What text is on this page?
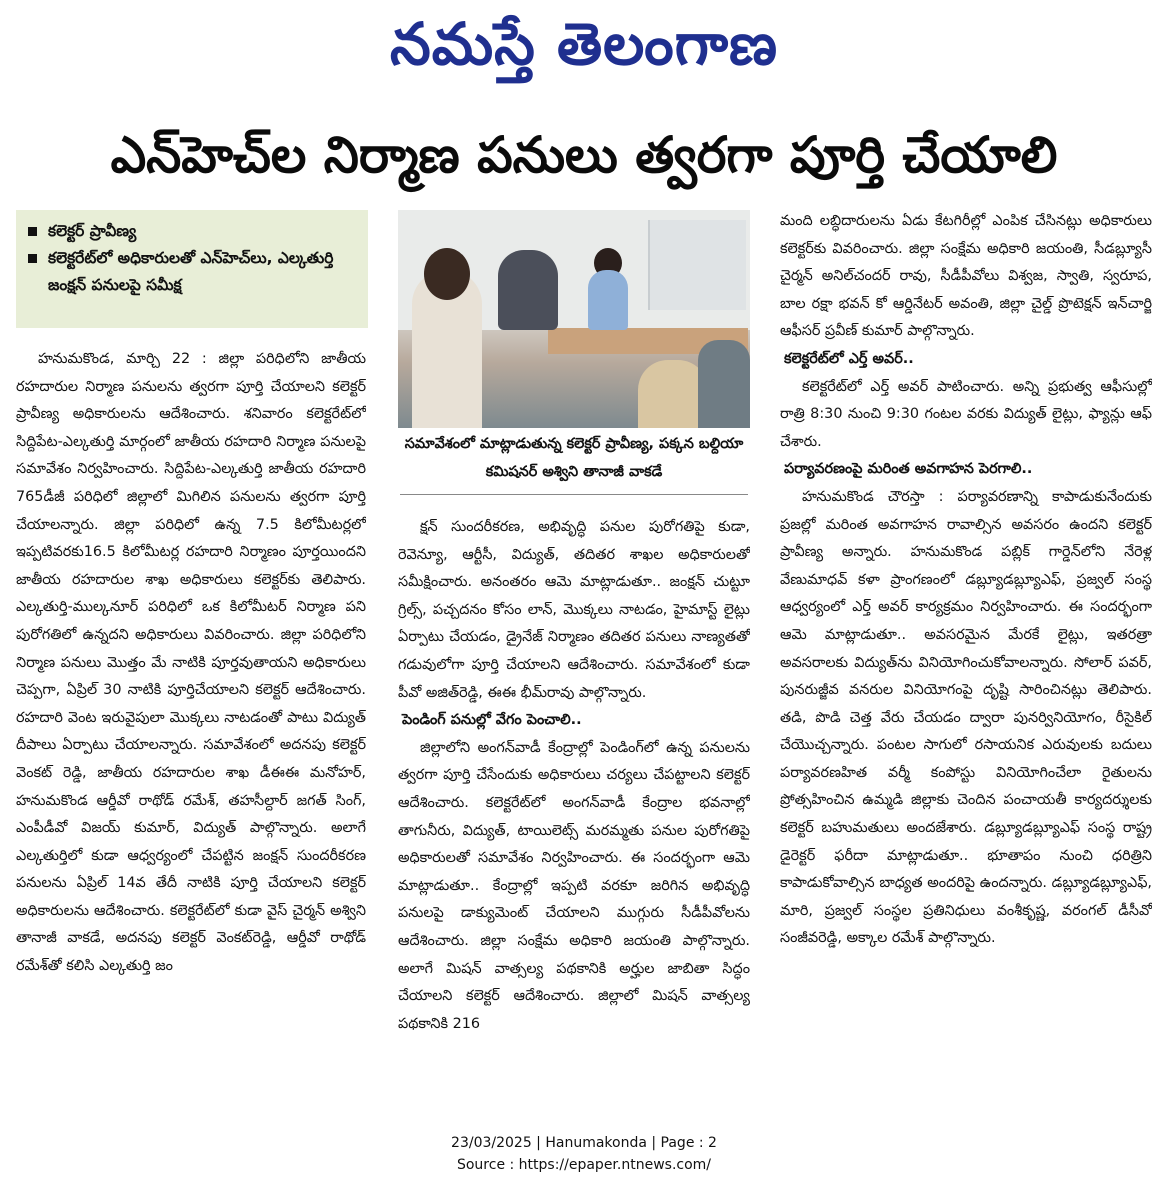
నమస్తే తెలంగాణ
ఎన్‌హెచ్‌ల నిర్మాణ పనులు త్వరగా పూర్తి చేయాలి
కలెక్టర్ ప్రావీణ్య
కలెక్టరేట్‌లో అధికారులతో ఎన్‌హెచ్‌లు, ఎల్కతుర్తి జంక్షన్ పనులపై సమీక్ష

హనుమకొండ, మార్చి 22 : జిల్లా పరిధిలోని జాతీయ రహదారుల నిర్మాణ పనులను త్వరగా పూర్తి చేయాలని కలెక్టర్ ప్రావీణ్య అధికారులను ఆదేశించారు. శనివారం కలెక్టరేట్‌లో సిద్దిపేట-ఎల్కతుర్తి మార్గంలో జాతీయ రహదారి నిర్మాణ పనులపై సమావేశం నిర్వహించారు. సిద్దిపేట-ఎల్కతుర్తి జాతీయ రహదారి 765డీజీ పరిధిలో జిల్లాలో మిగిలిన పనులను త్వరగా పూర్తి చేయాలన్నారు. జిల్లా పరిధిలో ఉన్న 7.5 కిలోమీటర్లలో ఇప్పటివరకు16.5 కిలోమీటర్ల రహదారి నిర్మాణం పూర్తయిందని జాతీయ రహదారుల శాఖ అధికారులు కలెక్టర్‌కు తెలిపారు. ఎల్కతుర్తి-ముల్కనూర్ పరిధిలో ఒక కిలోమీటర్ నిర్మాణ పని పురోగతిలో ఉన్నదని అధికారులు వివరించారు. జిల్లా పరిధిలోని నిర్మాణ పనులు మొత్తం మే నాటికి పూర్తవుతాయని అధికారులు చెప్పగా, ఏప్రిల్ 30 నాటికి పూర్తిచేయాలని కలెక్టర్ ఆదేశించారు. రహదారి వెంట ఇరువైపులా మొక్కలు నాటడంతో పాటు విద్యుత్ దీపాలు ఏర్పాటు చేయాలన్నారు. సమావేశంలో అదనపు కలెక్టర్ వెంకట్ రెడ్డి, జాతీయ రహదారుల శాఖ డీఈఈ మనోహర్, హనుమకొండ ఆర్డీవో రాథోడ్ రమేశ్, తహసీల్దార్ జగత్ సింగ్, ఎంపీడీవో విజయ్ కుమార్, విద్యుత్ పాల్గొన్నారు. అలాగే ఎల్కతుర్తిలో కుడా ఆధ్వర్యంలో చేపట్టిన జంక్షన్ సుందరీకరణ పనులను ఏప్రిల్ 14వ తేదీ నాటికి పూర్తి చేయాలని కలెక్టర్ అధికారులను ఆదేశించారు. కలెక్టరేట్‌లో కుడా వైస్ చైర్మన్ అశ్విని తానాజీ వాకడే, అదనపు కలెక్టర్ వెంకట్‌రెడ్డి, ఆర్డీవో రాథోడ్ రమేశ్‌తో కలిసి ఎల్కతుర్తి జం

సమావేశంలో మాట్లాడుతున్న కలెక్టర్ ప్రావీణ్య, పక్కన బల్దియా కమిషనర్ అశ్విని తానాజీ వాకడే

క్షన్ సుందరీకరణ, అభివృద్ధి పనుల పురోగతిపై కుడా, రెవెన్యూ, ఆర్టీసీ, విద్యుత్, తదితర శాఖల అధికారులతో సమీక్షించారు. అనంతరం ఆమె మాట్లాడుతూ.. జంక్షన్ చుట్టూ గ్రిల్స్, పచ్చదనం కోసం లాన్, మొక్కలు నాటడం, హైమాస్ట్ లైట్లు ఏర్పాటు చేయడం, డ్రైనేజ్ నిర్మాణం తదితర పనులు నాణ్యతతో గడువులోగా పూర్తి చేయాలని ఆదేశించారు. సమావేశంలో కుడా పీవో అజిత్‌రెడ్డి, ఈఈ భీమ్‌రావు పాల్గొన్నారు.

పెండింగ్ పనుల్లో వేగం పెంచాలి..

జిల్లాలోని అంగన్‌వాడీ కేంద్రాల్లో పెండింగ్‌లో ఉన్న పనులను త్వరగా పూర్తి చేసేందుకు అధికారులు చర్యలు చేపట్టాలని కలెక్టర్ ఆదేశించారు. కలెక్టరేట్‌లో అంగన్‌వాడీ కేంద్రాల భవనాల్లో తాగునీరు, విద్యుత్, టాయిలెట్స్ మరమ్మతు పనుల పురోగతిపై అధికారులతో సమావేశం నిర్వహించారు. ఈ సందర్భంగా ఆమె మాట్లాడుతూ.. కేంద్రాల్లో ఇప్పటి వరకూ జరిగిన అభివృద్ధి పనులపై డాక్యుమెంట్ చేయాలని ముగ్గురు సీడీపీవోలను ఆదేశించారు. జిల్లా సంక్షేమ అధికారి జయంతి పాల్గొన్నారు. అలాగే మిషన్ వాత్సల్య పథకానికి అర్హుల జాబితా సిద్ధం చేయాలని కలెక్టర్ ఆదేశించారు. జిల్లాలో మిషన్ వాత్సల్య పథకానికి 216

మంది లబ్ధిదారులను ఏడు కేటగిరీల్లో ఎంపిక చేసినట్లు అధికారులు కలెక్టర్‌కు వివరించారు. జిల్లా సంక్షేమ అధికారి జయంతి, సీడబ్ల్యూసీ చైర్మన్ అనిల్‌చందర్ రావు, సీడీపీవోలు విశ్వజ, స్వాతి, స్వరూప, బాల రక్షా భవన్ కో ఆర్డినేటర్ అవంతి, జిల్లా చైల్డ్ ప్రొటెక్షన్ ఇన్‌చార్జి ఆఫీసర్ ప్రవీణ్ కుమార్ పాల్గొన్నారు.

కలెక్టరేట్‌లో ఎర్త్ అవర్..

కలెక్టరేట్‌లో ఎర్త్ అవర్ పాటించారు. అన్ని ప్రభుత్వ ఆఫీసుల్లో రాత్రి 8:30 నుంచి 9:30 గంటల వరకు విద్యుత్ లైట్లు, ఫ్యాన్లు ఆఫ్ చేశారు.

పర్యావరణంపై మరింత అవగాహన పెరగాలి..

హనుమకొండ చౌరస్తా : పర్యావరణాన్ని కాపాడుకునేందుకు ప్రజల్లో మరింత అవగాహన రావాల్సిన అవసరం ఉందని కలెక్టర్ ప్రావీణ్య అన్నారు. హనుమకొండ పబ్లిక్ గార్డెన్‌లోని నేరెళ్ల వేణుమాధవ్ కళా ప్రాంగణంలో డబ్ల్యూడబ్ల్యూఎఫ్, ప్రజ్వల్ సంస్థ ఆధ్వర్యంలో ఎర్త్ అవర్ కార్యక్రమం నిర్వహించారు. ఈ సందర్భంగా ఆమె మాట్లాడుతూ.. అవసరమైన మేరకే లైట్లు, ఇతరత్రా అవసరాలకు విద్యుత్‌ను వినియోగించుకోవాలన్నారు. సోలార్ పవర్, పునరుజ్జీవ వనరుల వినియోగంపై దృష్టి సారించినట్లు తెలిపారు. తడి, పొడి చెత్త వేరు చేయడం ద్వారా పునర్వినియోగం, రీసైకిల్ చేయొచ్చన్నారు. పంటల సాగులో రసాయనిక ఎరువులకు బదులు పర్యావరణహిత వర్మీ కంపోస్టు వినియోగించేలా రైతులను ప్రోత్సహించిన ఉమ్మడి జిల్లాకు చెందిన పంచాయతీ కార్యదర్శులకు కలెక్టర్ బహుమతులు అందజేశారు. డబ్ల్యూడబ్ల్యూఎఫ్ సంస్థ రాష్ట్ర డైరెక్టర్ ఫరీదా మాట్లాడుతూ.. భూతాపం నుంచి ధరిత్రిని కాపాడుకోవాల్సిన బాధ్యత అందరిపై ఉందన్నారు. డబ్ల్యూడబ్ల్యూఎఫ్, మారి, ప్రజ్వల్ సంస్థల ప్రతినిధులు వంశీకృష్ణ, వరంగల్ డీసీవో సంజీవరెడ్డి, అక్కాల రమేశ్ పాల్గొన్నారు.

23/03/2025 | Hanumakonda | Page : 2
Source : https://epaper.ntnews.com/
